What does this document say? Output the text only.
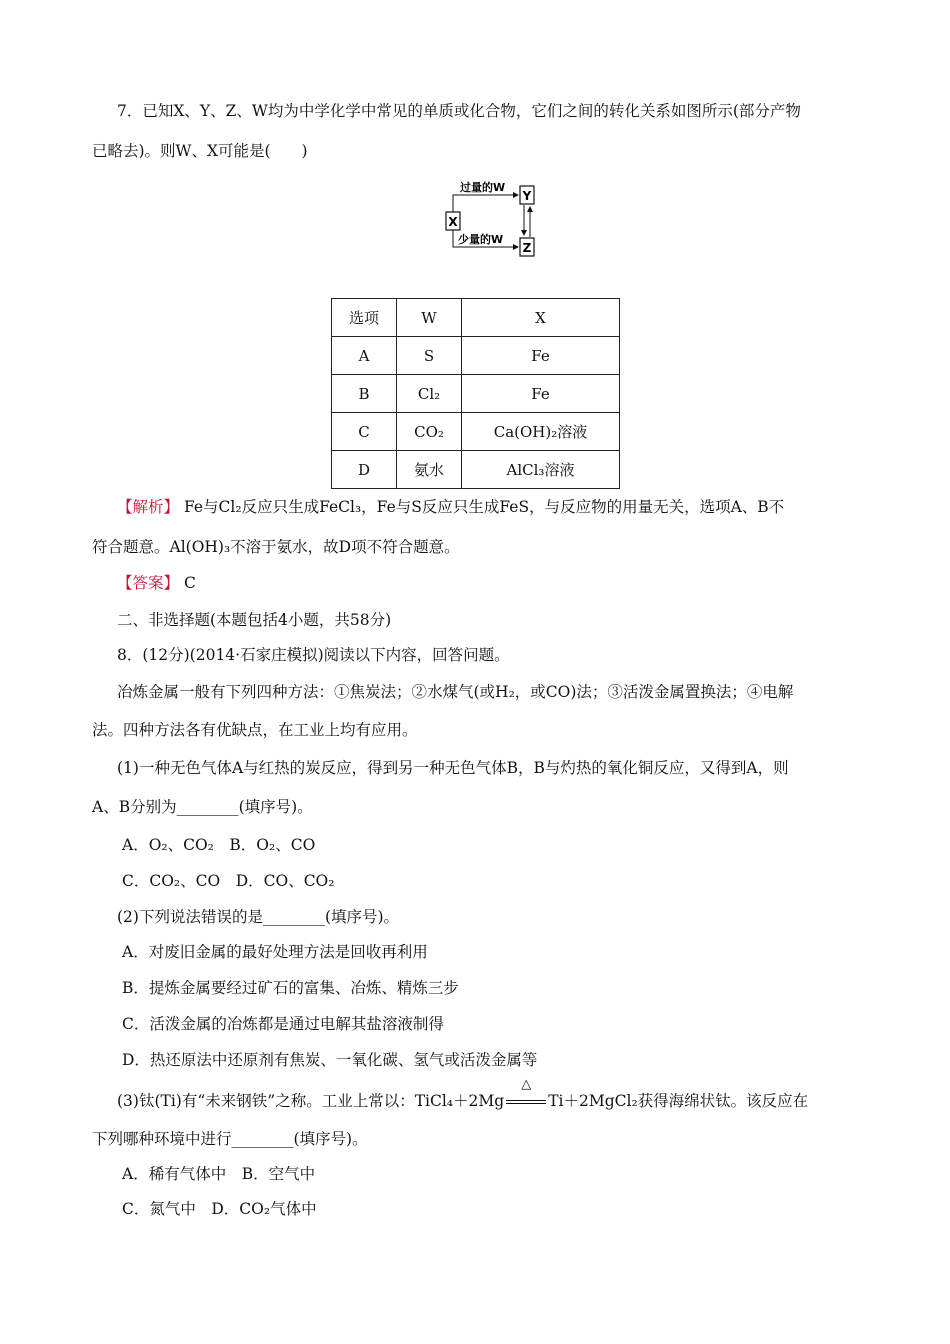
7．已知X、Y、Z、W均为中学化学中常见的单质或化合物，它们之间的转化关系如图所示(部分产物
已略去)。则W、X可能是(　　)
X
Y
Z
过量的W
少量的W
选项	W	X
A	S	Fe
B	Cl₂	Fe
C	CO₂	Ca(OH)₂溶液
D	氨水	AlCl₃溶液
【解析】 Fe与Cl₂反应只生成FeCl₃，Fe与S反应只生成FeS，与反应物的用量无关，选项A、B不
符合题意。Al(OH)₃不溶于氨水，故D项不符合题意。
【答案】 C
二、非选择题(本题包括4小题，共58分)
8．(12分)(2014·石家庄模拟)阅读以下内容，回答问题。
冶炼金属一般有下列四种方法：①焦炭法；②水煤气(或H₂，或CO)法；③活泼金属置换法；④电解
法。四种方法各有优缺点，在工业上均有应用。
(1)一种无色气体A与红热的炭反应，得到另一种无色气体B，B与灼热的氧化铜反应，又得到A，则
A、B分别为________(填序号)。
A．O₂、CO₂　B．O₂、CO
C．CO₂、CO　D．CO、CO₂
(2)下列说法错误的是________(填序号)。
A．对废旧金属的最好处理方法是回收再利用
B．提炼金属要经过矿石的富集、冶炼、精炼三步
C．活泼金属的冶炼都是通过电解其盐溶液制得
D．热还原法中还原剂有焦炭、一氧化碳、氢气或活泼金属等
(3)钛(Ti)有“未来钢铁”之称。工业上常以：TiCl₄＋2Mg
△
Ti＋2MgCl₂获得海绵状钛。该反应在
下列哪种环境中进行________(填序号)。
A．稀有气体中　B．空气中
C．氮气中　D．CO₂气体中
